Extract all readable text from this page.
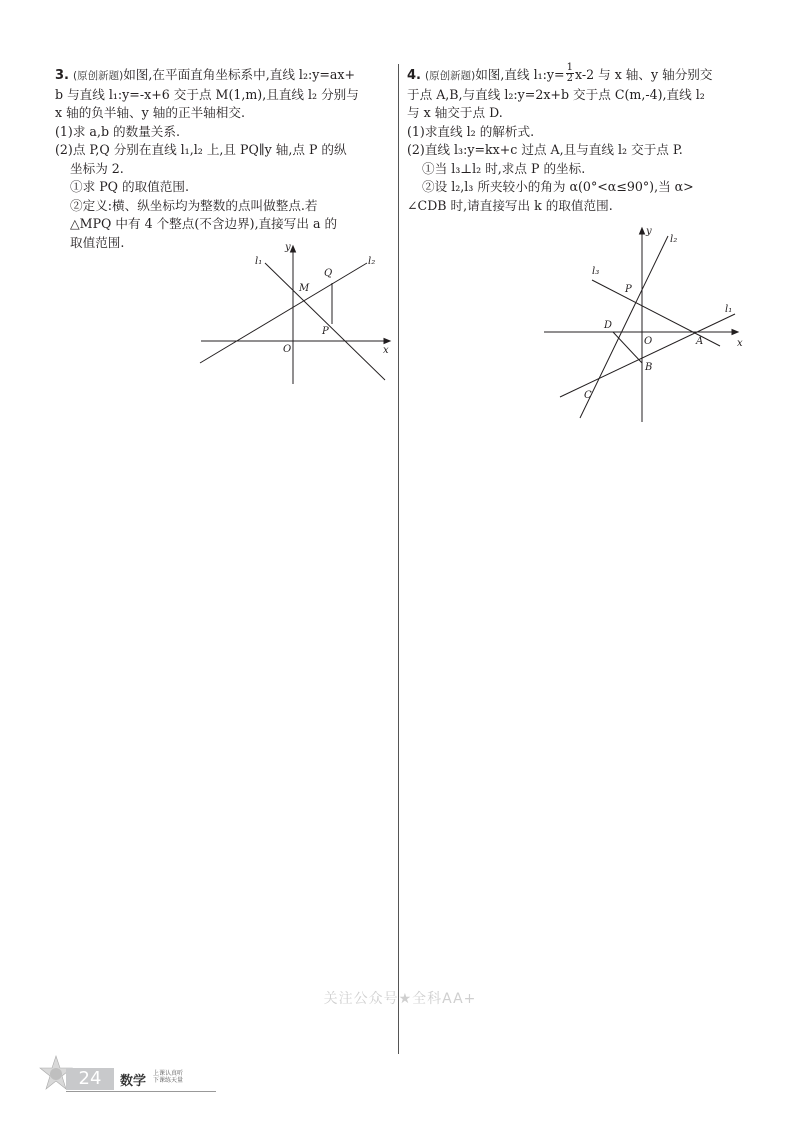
3. (原创新题)如图,在平面直角坐标系中,直线 l₂:y=ax+

b 与直线 l₁:y=-x+6 交于点 M(1,m),且直线 l₂ 分别与

x 轴的负半轴、y 轴的正半轴相交.

(1)求 a,b 的数量关系.

(2)点 P,Q 分别在直线 l₁,l₂ 上,且 PQ∥y 轴,点 P 的纵

坐标为 2.

①求 PQ 的取值范围.

②定义:横、纵坐标均为整数的点叫做整点.若

△MPQ 中有 4 个整点(不含边界),直接写出 a 的

取值范围.

l₁	l₂
y
x
O
M
Q
P

4. (原创新题)如图,直线 l₁:y= $\frac{1}{2} x-2$ 与 x 轴、y 轴分别交

于点 A,B,与直线 l₂:y=2x+b 交于点 C(m,-4),直线 l₂

与 x 轴交于点 D.

(1)求直线 l₂ 的解析式.

(2)直线 l₃:y=kx+c 过点 A,且与直线 l₂ 交于点 P.

①当 l₃⊥l₂ 时,求点 P 的坐标.

②设 l₂,l₃ 所夹较小的角为 α(0°<α≤90°),当 α>

∠CDB 时,请直接写出 k 的取值范围.

l₂
y
l₃
l₁
x
P
D
O	A
B
C
关注公众号★全科AA+
24	数学
上课认真听
下课练天量
